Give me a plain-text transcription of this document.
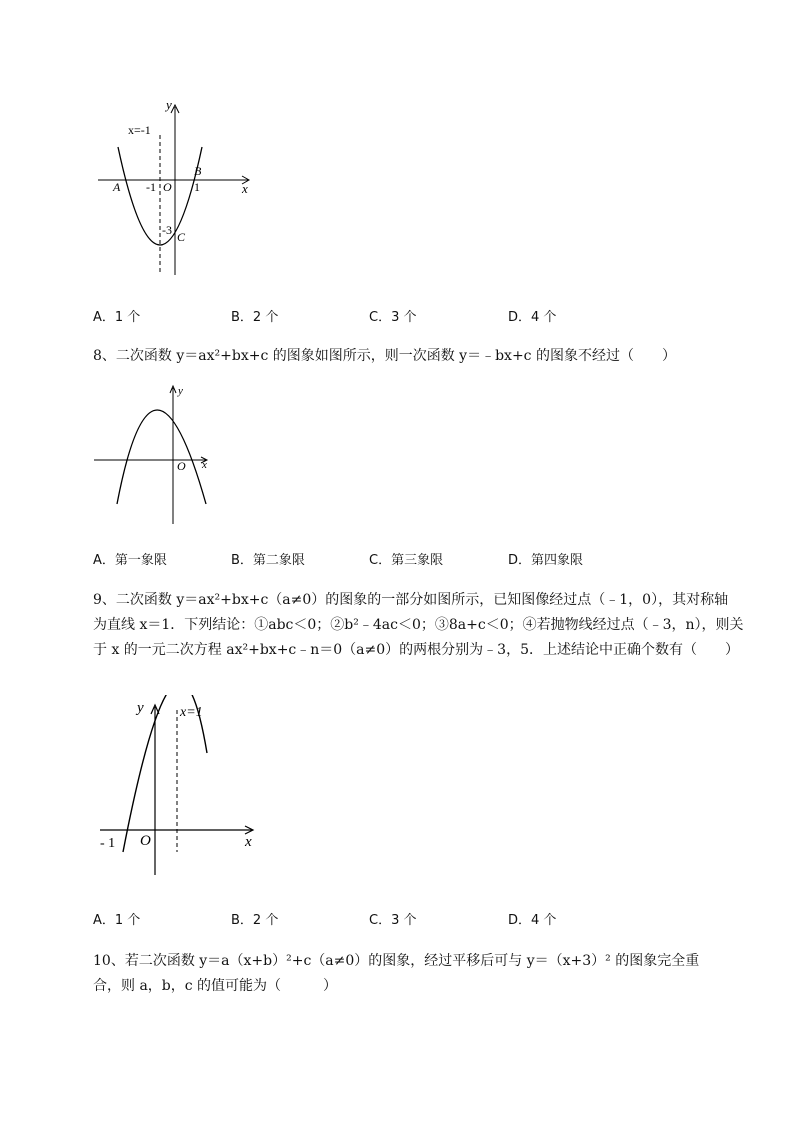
y
x
x=-1
A
B
C
-1 O 1
-3
A．1 个	B．2 个	C．3 个	D．4 个
8、二次函数 y＝ax²+bx+c 的图象如图所示，则一次函数 y＝﹣bx+c 的图象不经过（　　）
y
x
O
A．第一象限	B．第二象限	C．第三象限	D．第四象限
9、二次函数 y＝ax²+bx+c（a≠0）的图象的一部分如图所示，已知图像经过点（﹣1，0），其对称轴
为直线 x＝1．下列结论：①abc＜0；②b²﹣4ac＜0；③8a+c＜0；④若抛物线经过点（﹣3，n），则关
于 x 的一元二次方程 ax²+bx+c﹣n＝0（a≠0）的两根分别为﹣3，5．上述结论中正确个数有（　　）
y
x
x=1
- 1 O
A．1 个	B．2 个	C．3 个	D．4 个
10、若二次函数 y＝a（x+b）²+c（a≠0）的图象，经过平移后可与 y＝（x+3）² 的图象完全重
合，则 a，b，c 的值可能为（　　　）
